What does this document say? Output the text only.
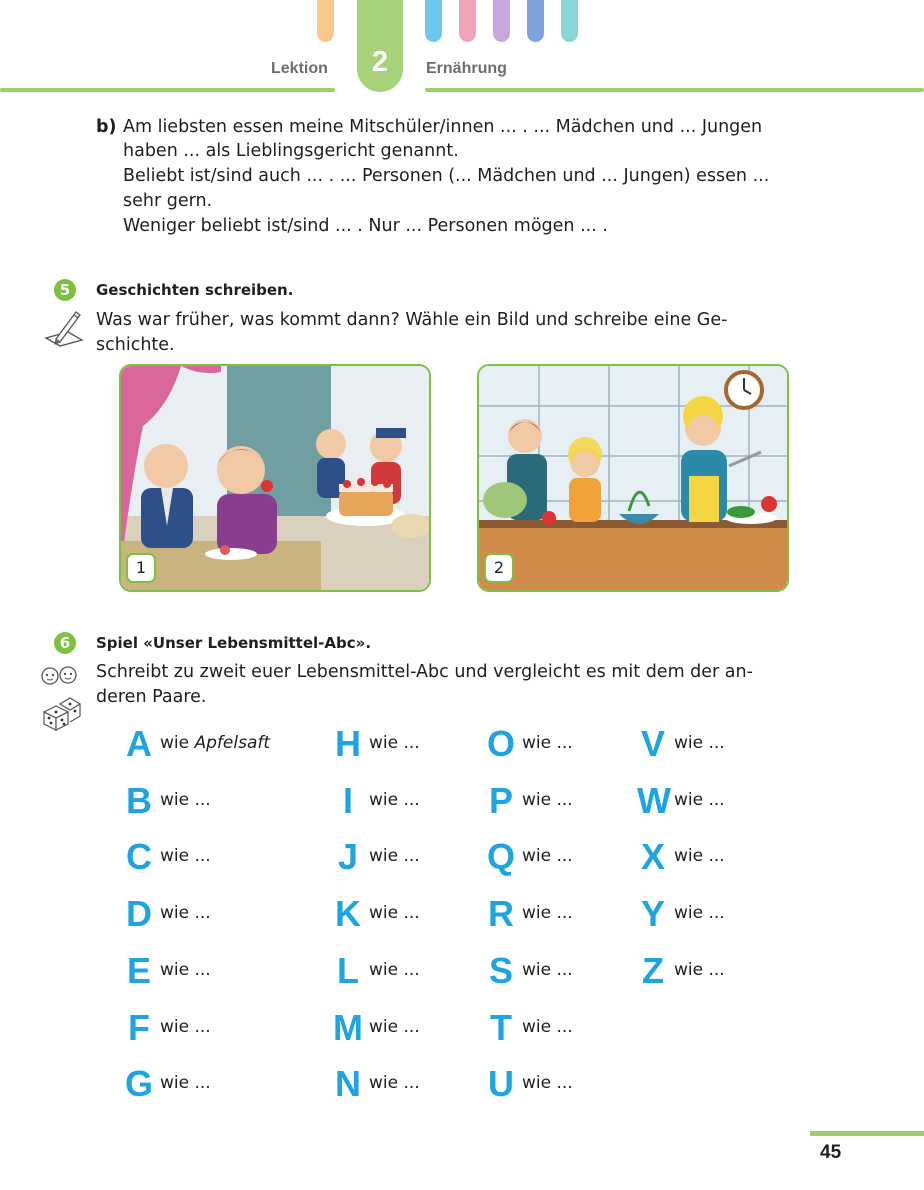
2
Lektion	Ernährung
b) Am liebsten essen meine Mitschüler/innen ... . ... Mädchen und ... Jungen
haben ... als Lieblingsgericht genannt.
Beliebt ist/sind auch ... . ... Personen (... Mädchen und ... Jungen) essen ...
sehr gern.
Weniger beliebt ist/sind ... . Nur ... Personen mögen ... .
5	Geschichten schreiben.
Was war früher, was kommt dann? Wähle ein Bild und schreibe eine Ge-
schichte.
1	2
6	Spiel «Unser Lebensmittel-Abc».
Schreibt zu zweit euer Lebensmittel-Abc und vergleicht es mit dem der an-
deren Paare.
A wie Apfelsaft
B wie ...
C wie ...
D wie ...
E wie ...
F wie ...
G wie ...
H wie ...
I wie ...
J wie ...
K wie ...
L wie ...
M wie ...
N wie ...
O wie ...
P wie ...
Q wie ...
R wie ...
S wie ...
T wie ...
U wie ...
V wie ...
W wie ...
X wie ...
Y wie ...
Z wie ...
45
